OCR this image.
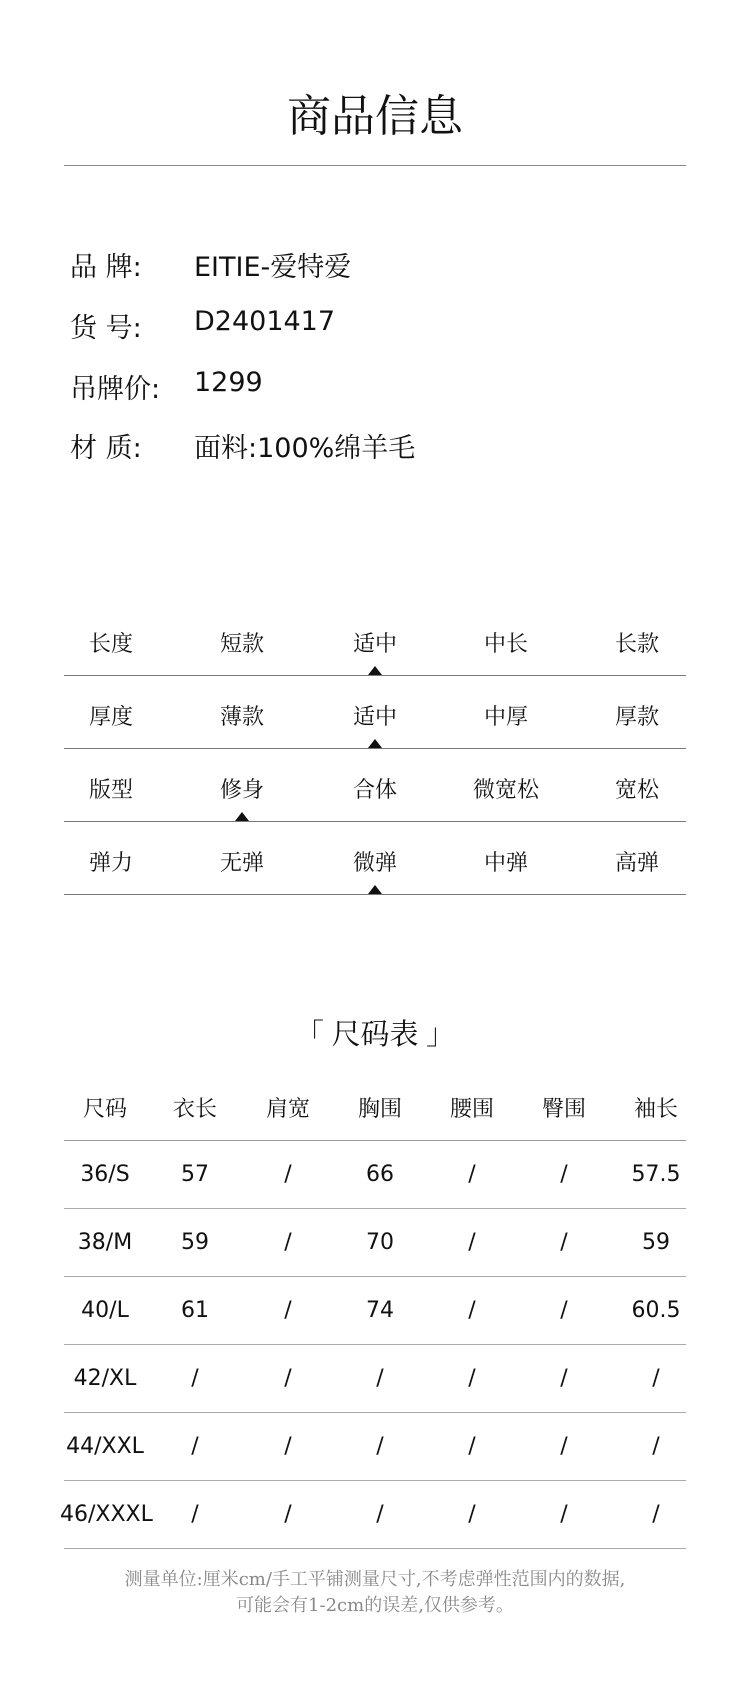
商品信息
品 牌: EITIE-爱特爱
货 号: D2401417
吊牌价: 1299
材 质: 面料:100%绵羊毛
长度	短款	适中	中长	长款
厚度	薄款	适中	中厚	厚款
版型	修身	合体	微宽松	宽松
弹力	无弹	微弹	中弹	高弹
「 尺码表 」
尺码	衣长	肩宽	胸围	腰围	臀围	袖长
36/S	57	/	66	/	/	57.5
38/M	59	/	70	/	/	59
40/L	61	/	74	/	/	60.5
42/XL	/	/	/	/	/	/
44/XXL	/	/	/	/	/	/
46/XXXL	/	/	/	/	/	/
测量单位:厘米cm/手工平铺测量尺寸,不考虑弹性范围内的数据,
可能会有1-2cm的误差,仅供参考。
